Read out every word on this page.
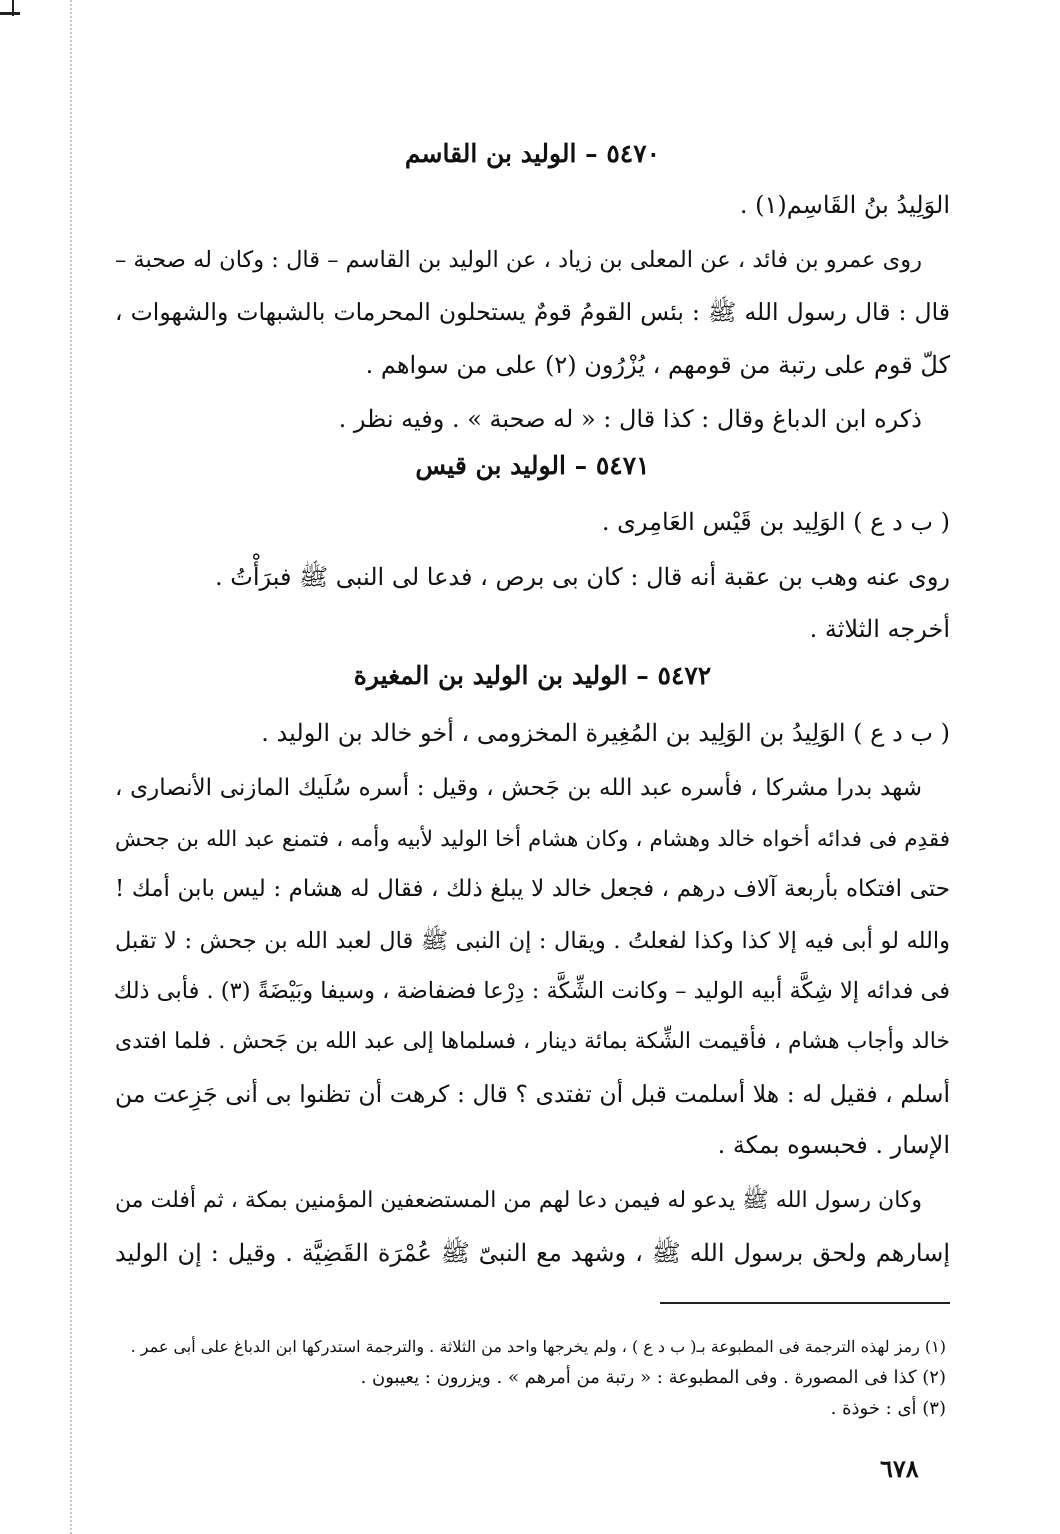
٥٤٧٠ – الوليد بن القاسم
الوَلِيدُ بنُ القَاسِم(١) .
روى عمرو بن فائد ، عن المعلى بن زياد ، عن الوليد بن القاسم – قال : وكان له صحبة –
قال : قال رسول الله ﷺ : بئس القومُ قومٌ يستحلون المحرمات بالشبهات والشهوات ،
كلّ قوم على رتبة من قومهم ، يُزْرُون (٢) على من سواهم .
ذكره ابن الدباغ وقال : كذا قال : « له صحبة » . وفيه نظر .
٥٤٧١ – الوليد بن قيس
( ب د ع ) الوَلِيد بن قَيْس العَامِرى .
روى عنه وهب بن عقبة أنه قال : كان بى برص ، فدعا لى النبى ﷺ فبرَأْتُ .
أخرجه الثلاثة .
٥٤٧٢ – الوليد بن الوليد بن المغيرة
( ب د ع ) الوَلِيدُ بن الوَلِيد بن المُغِيرة المخزومى ، أخو خالد بن الوليد .
شهد بدرا مشركا ، فأسره عبد الله بن جَحش ، وقيل : أسره سُلَيك المازنى الأنصارى ،
فقدِم فى فدائه أخواه خالد وهشام ، وكان هشام أخا الوليد لأبيه وأمه ، فتمنع عبد الله بن جحش
حتى افتكاه بأربعة آلاف درهم ، فجعل خالد لا يبلغ ذلك ، فقال له هشام : ليس بابن أمك !
والله لو أبى فيه إلا كذا وكذا لفعلتُ . ويقال : إن النبى ﷺ قال لعبد الله بن جحش : لا تقبل
فى فدائه إلا شِكَّة أبيه الوليد – وكانت الشِّكَّة : دِرْعا فضفاضة ، وسيفا وبَيْضَةً (٣) . فأبى ذلك
خالد وأجاب هشام ، فأقيمت الشِّكة بمائة دينار ، فسلماها إلى عبد الله بن جَحش . فلما افتدى
أسلم ، فقيل له : هلا أسلمت قبل أن تفتدى ؟ قال : كرهت أن تظنوا بى أنى جَزِعت من
الإسار . فحبسوه بمكة .
وكان رسول الله ﷺ يدعو له فيمن دعا لهم من المستضعفين المؤمنين بمكة ، ثم أفلت من
إسارهم ولحق برسول الله ﷺ ، وشهد مع النبىّ ﷺ عُمْرَة القَضِيَّة . وقيل : إن الوليد
(١) رمز لهذه الترجمة فى المطبوعة بـ( ب د ع ) ، ولم يخرجها واحد من الثلاثة . والترجمة استدركها ابن الدباغ على أبى عمر .
(٢) كذا فى المصورة . وفى المطبوعة : « رتبة من أمرهم » . ويزرون : يعيبون .
(٣) أى : خوذة .
٦٧٨
